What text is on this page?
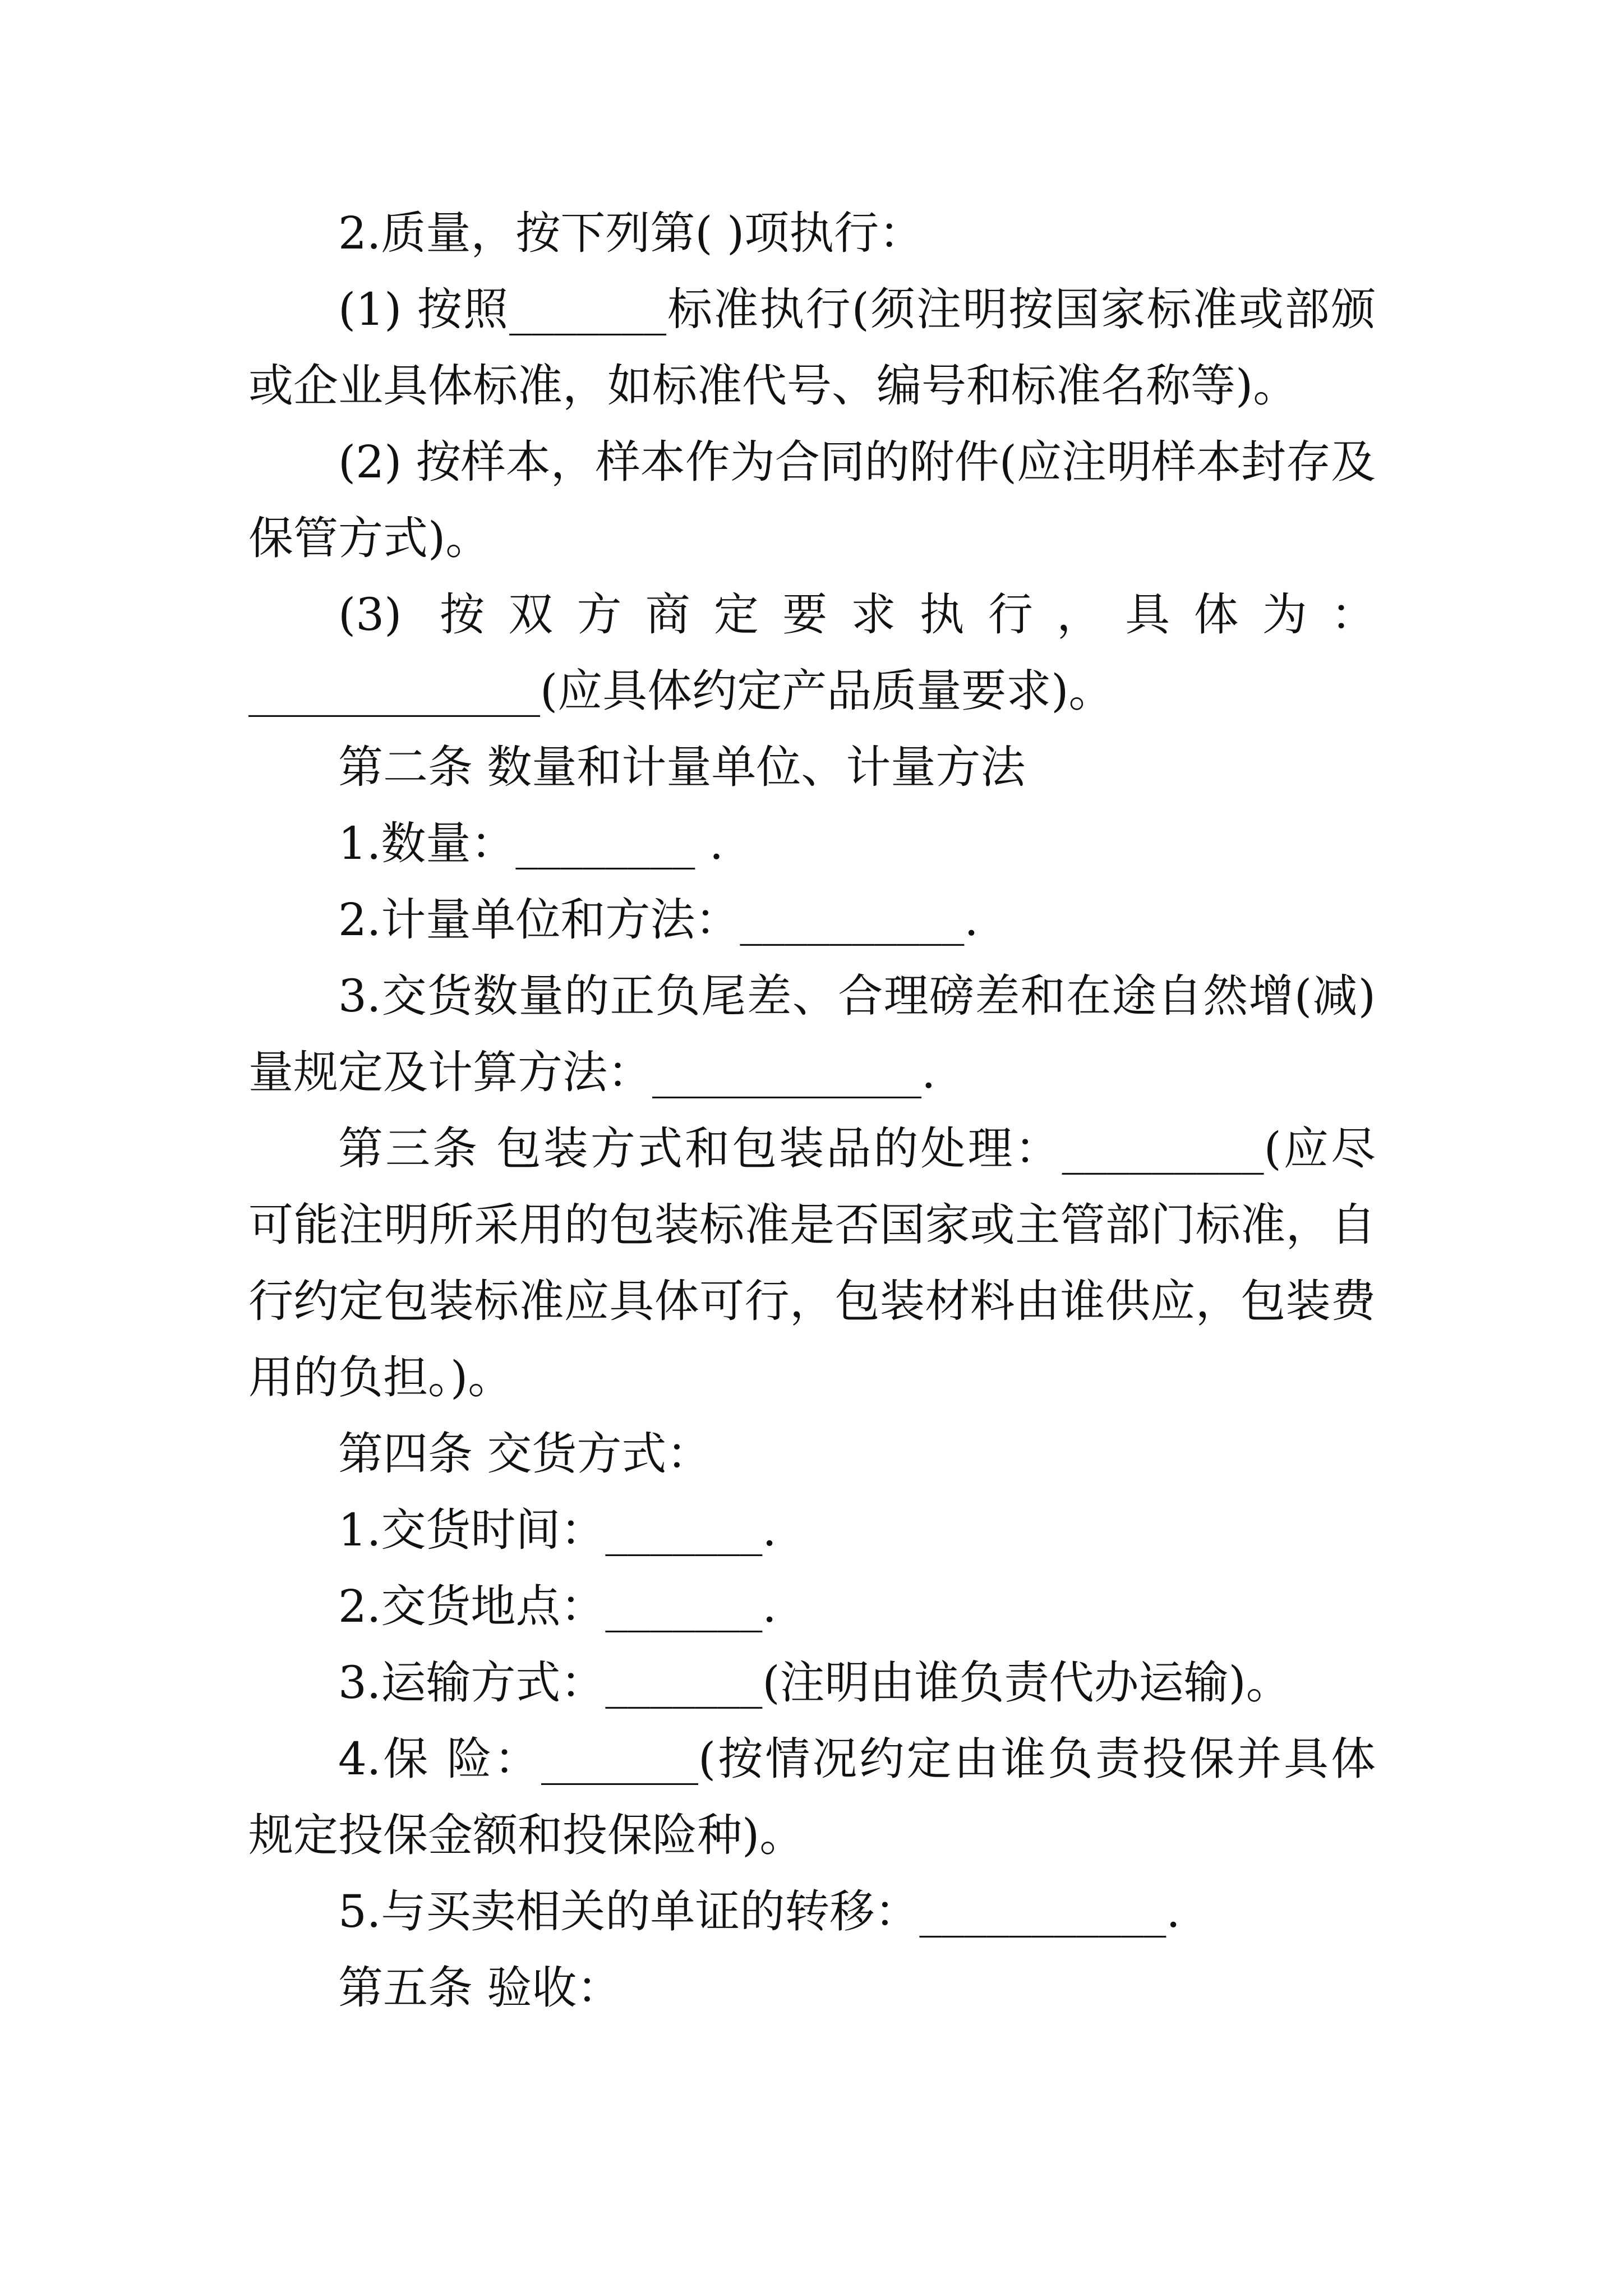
2.质量，按下列第( )项执行：

(1) 按照_______标准执行(须注明按国家标准或部颁或企业具体标准，如标准代号、编号和标准名称等)。

(2) 按样本，样本作为合同的附件(应注明样本封存及保管方式)。

(3) 按双方商定要求执行，具体为：_____________(应具体约定产品质量要求)。

第二条 数量和计量单位、计量方法

1.数量：________ .

2.计量单位和方法：__________.

3.交货数量的正负尾差、合理磅差和在途自然增(减)量规定及计算方法：____________.

第三条 包装方式和包装品的处理：_________(应尽可能注明所采用的包装标准是否国家或主管部门标准，自行约定包装标准应具体可行，包装材料由谁供应，包装费用的负担。)。

第四条 交货方式：

1.交货时间：_______.

2.交货地点：_______.

3.运输方式：_______(注明由谁负责代办运输)。

4.保 险：_______(按情况约定由谁负责投保并具体规定投保金额和投保险种)。

5.与买卖相关的单证的转移：___________.

第五条 验收：
